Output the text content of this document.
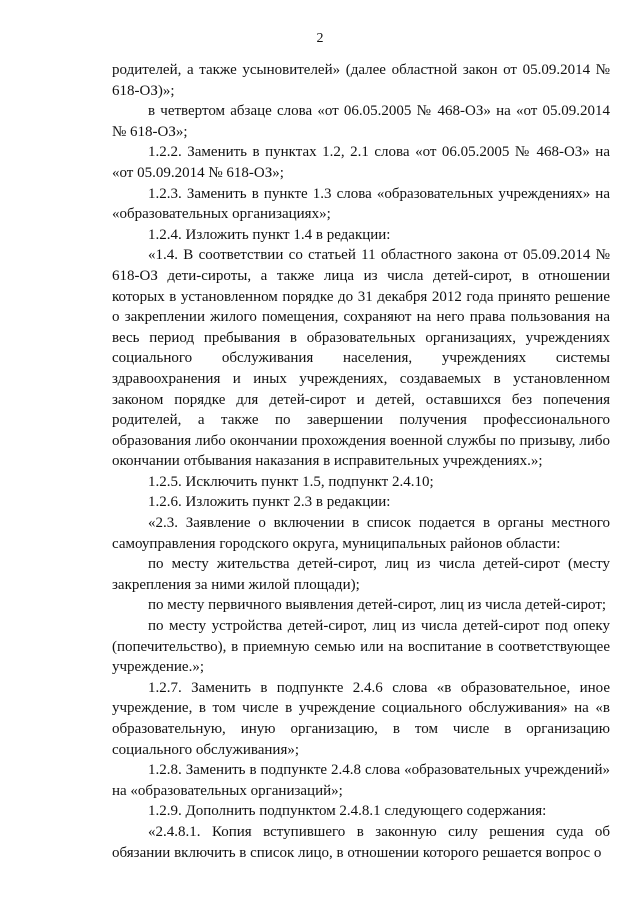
2

родителей, а также усыновителей» (далее областной закон от 05.09.2014 № 618-ОЗ)»;

в четвертом абзаце слова «от 06.05.2005 № 468-ОЗ» на «от 05.09.2014 № 618-ОЗ»;

1.2.2. Заменить в пунктах 1.2, 2.1 слова «от 06.05.2005 № 468-ОЗ» на «от 05.09.2014 № 618-ОЗ»;

1.2.3. Заменить в пункте 1.3 слова «образовательных учреждениях» на «образовательных организациях»;

1.2.4. Изложить пункт 1.4 в редакции:

«1.4. В соответствии со статьей 11 областного закона от 05.09.2014 № 618-ОЗ дети-сироты, а также лица из числа детей-сирот, в отношении которых в установленном порядке до 31 декабря 2012 года принято решение о закреплении жилого помещения, сохраняют на него права пользования на весь период пребывания в образовательных организациях, учреждениях социального обслуживания населения, учреждениях системы здравоохранения и иных учреждениях, создаваемых в установленном законом порядке для детей-сирот и детей, оставшихся без попечения родителей, а также по завершении получения профессионального образования либо окончании прохождения военной службы по призыву, либо окончании отбывания наказания в исправительных учреждениях.»;

1.2.5. Исключить пункт 1.5, подпункт 2.4.10;

1.2.6. Изложить пункт 2.3 в редакции:

«2.3. Заявление о включении в список подается в органы местного самоуправления городского округа, муниципальных районов области:

по месту жительства детей-сирот, лиц из числа детей-сирот (месту закрепления за ними жилой площади);

по месту первичного выявления детей-сирот, лиц из числа детей-сирот;

по месту устройства детей-сирот, лиц из числа детей-сирот под опеку (попечительство), в приемную семью или на воспитание в соответствующее учреждение.»;

1.2.7. Заменить в подпункте 2.4.6 слова «в образовательное, иное учреждение, в том числе в учреждение социального обслуживания» на «в образовательную, иную организацию, в том числе в организацию социального обслуживания»;

1.2.8. Заменить в подпункте 2.4.8 слова «образовательных учреждений» на «образовательных организаций»;

1.2.9. Дополнить подпунктом 2.4.8.1 следующего содержания:

«2.4.8.1. Копия вступившего в законную силу решения суда об обязании включить в список лицо, в отношении которого решается вопрос о
